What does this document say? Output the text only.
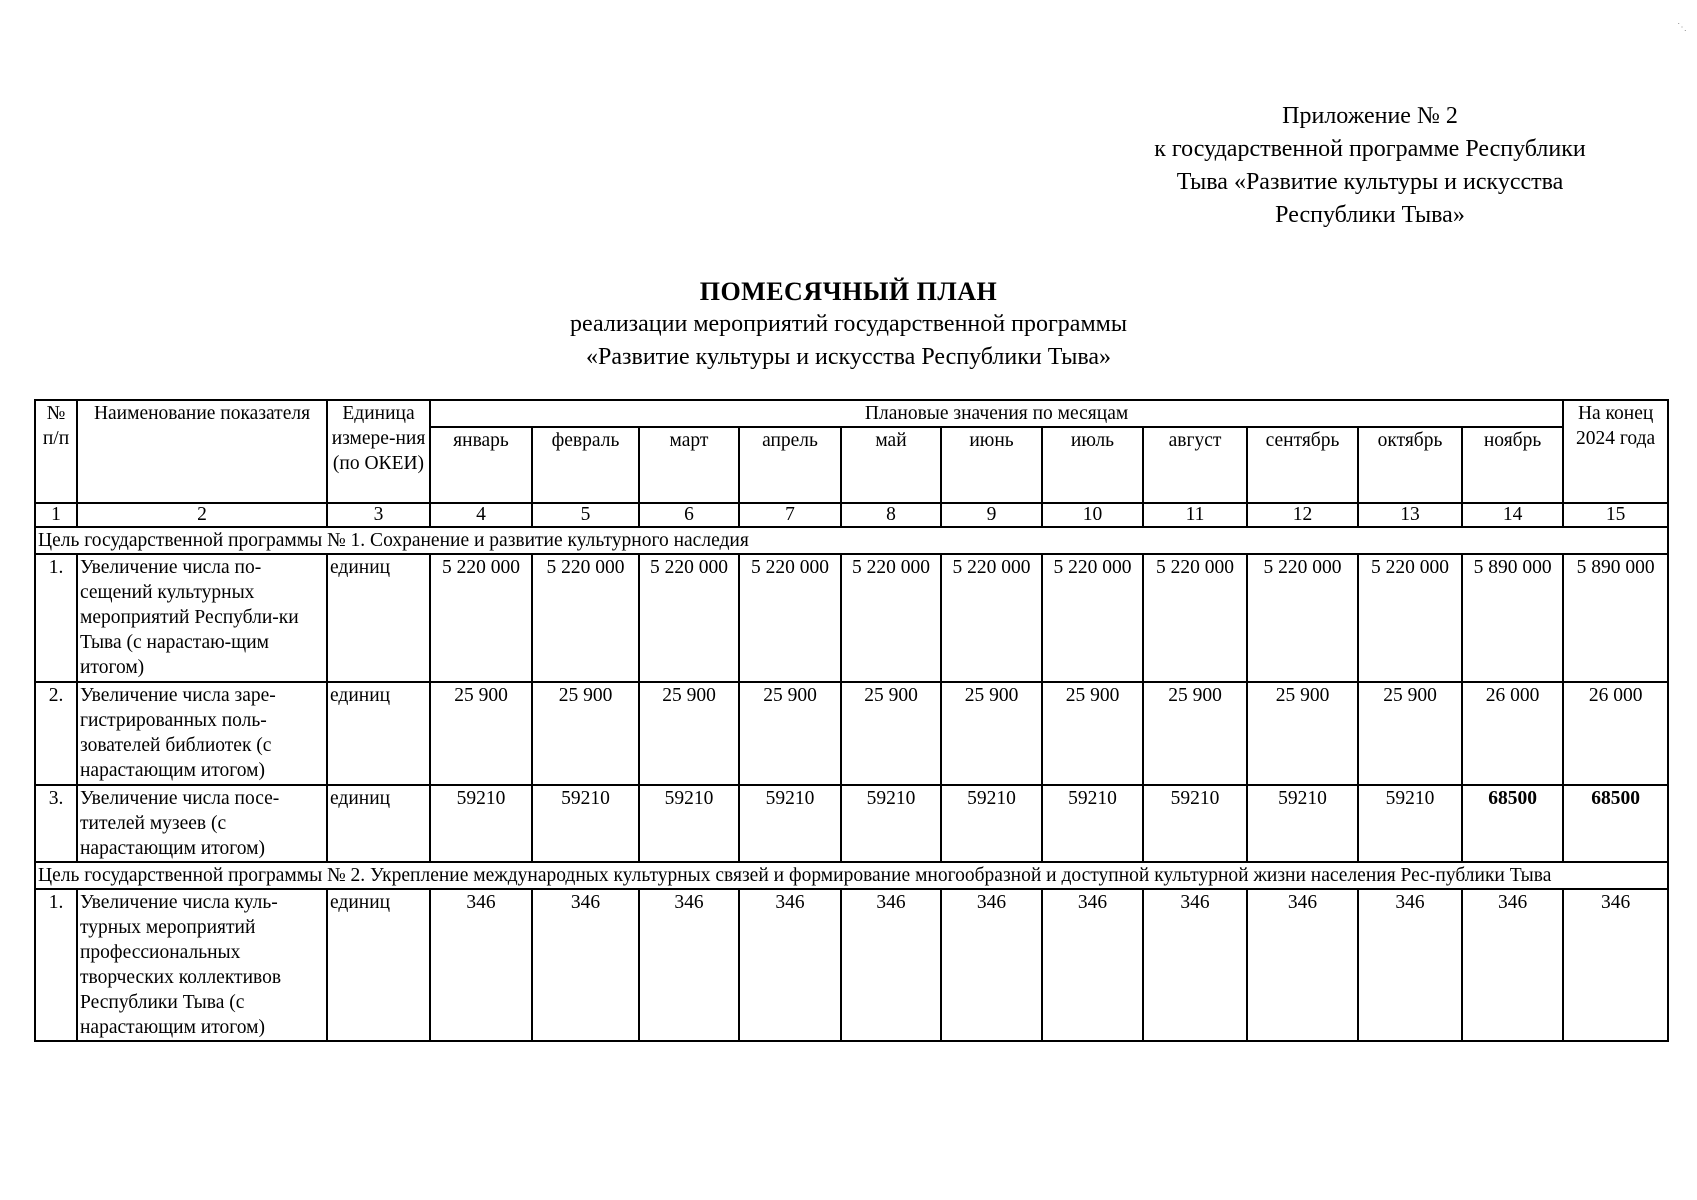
⋱
Приложение № 2
к государственной программе Республики
Тыва «Развитие культуры и искусства
Республики Тыва»
ПОМЕСЯЧНЫЙ ПЛАН
реализации мероприятий государственной программы
«Развитие культуры и искусства Республики Тыва»
№ п/п	Наименование показателя	Единица измере-ния (по ОКЕИ)	Плановые значения по месяцам											На конец 2024 года
			январь	февраль	март	апрель	май	июнь	июль	август	сентябрь	октябрь	ноябрь	
1	2	3	4	5	6	7	8	9	10	11	12	13	14	15
Цель государственной программы № 1. Сохранение и развитие культурного наследия														
1.	Увеличение числа по-сещений культурных мероприятий Республи-ки Тыва (с нарастаю-щим итогом)	единиц	5 220 000	5 220 000	5 220 000	5 220 000	5 220 000	5 220 000	5 220 000	5 220 000	5 220 000	5 220 000	5 890 000	5 890 000
2.	Увеличение числа заре-гистрированных поль-зователей библиотек (с нарастающим итогом)	единиц	25 900	25 900	25 900	25 900	25 900	25 900	25 900	25 900	25 900	25 900	26 000	26 000
3.	Увеличение числа посе-тителей музеев (с нарастающим итогом)	единиц	59210	59210	59210	59210	59210	59210	59210	59210	59210	59210	68500	68500
Цель государственной программы № 2. Укрепление международных культурных связей и формирование многообразной и доступной культурной жизни населения Рес-публики Тыва														
1.	Увеличение числа куль-турных мероприятий профессиональных творческих коллективов Республики Тыва (с нарастающим итогом)	единиц	346	346	346	346	346	346	346	346	346	346	346	346
